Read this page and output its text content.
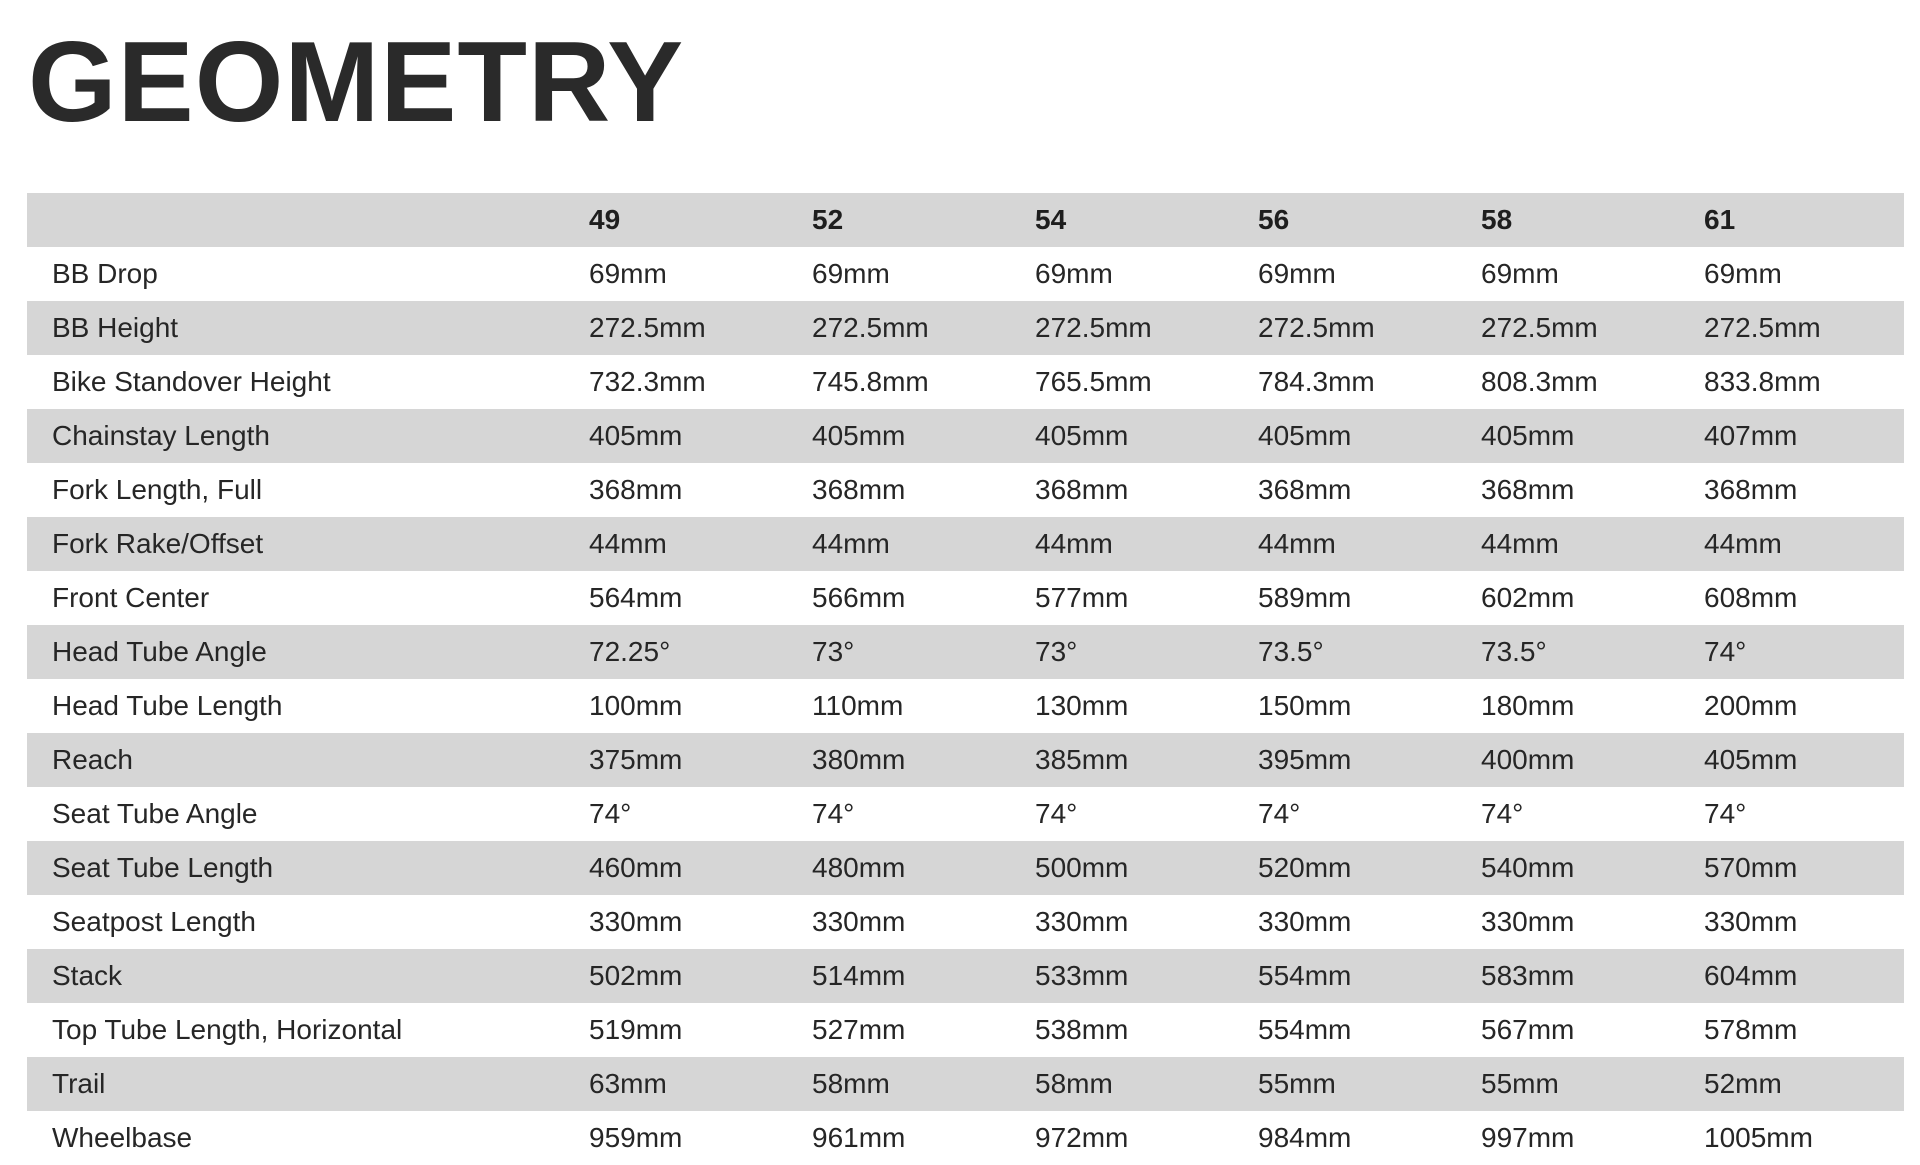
GEOMETRY
	49	52	54	56	58	61
BB Drop	69mm	69mm	69mm	69mm	69mm	69mm
BB Height	272.5mm	272.5mm	272.5mm	272.5mm	272.5mm	272.5mm
Bike Standover Height	732.3mm	745.8mm	765.5mm	784.3mm	808.3mm	833.8mm
Chainstay Length	405mm	405mm	405mm	405mm	405mm	407mm
Fork Length, Full	368mm	368mm	368mm	368mm	368mm	368mm
Fork Rake/Offset	44mm	44mm	44mm	44mm	44mm	44mm
Front Center	564mm	566mm	577mm	589mm	602mm	608mm
Head Tube Angle	72.25°	73°	73°	73.5°	73.5°	74°
Head Tube Length	100mm	110mm	130mm	150mm	180mm	200mm
Reach	375mm	380mm	385mm	395mm	400mm	405mm
Seat Tube Angle	74°	74°	74°	74°	74°	74°
Seat Tube Length	460mm	480mm	500mm	520mm	540mm	570mm
Seatpost Length	330mm	330mm	330mm	330mm	330mm	330mm
Stack	502mm	514mm	533mm	554mm	583mm	604mm
Top Tube Length, Horizontal	519mm	527mm	538mm	554mm	567mm	578mm
Trail	63mm	58mm	58mm	55mm	55mm	52mm
Wheelbase	959mm	961mm	972mm	984mm	997mm	1005mm
